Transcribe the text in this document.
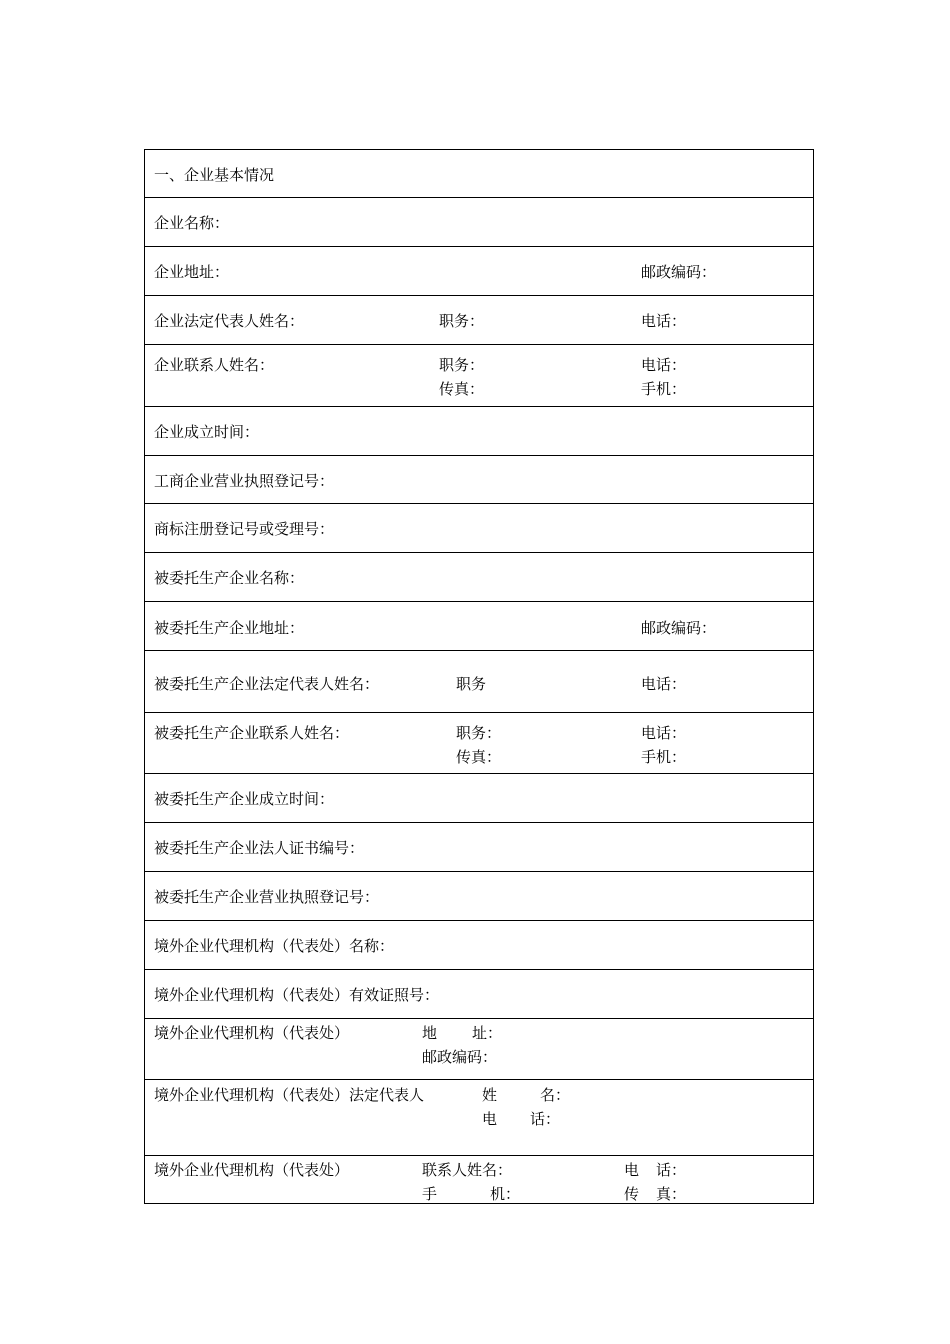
一、企业基本情况
企业名称：
企业地址：	邮政编码：
企业法定代表人姓名：	职务：	电话：
企业联系人姓名：	职务：	电话：
传真：	手机：
企业成立时间：
工商企业营业执照登记号：
商标注册登记号或受理号：
被委托生产企业名称：
被委托生产企业地址：	邮政编码：
被委托生产企业法定代表人姓名：	职务	电话：
被委托生产企业联系人姓名：	职务：	电话：
传真：	手机：
被委托生产企业成立时间：
被委托生产企业法人证书编号：
被委托生产企业营业执照登记号：
境外企业代理机构（代表处）名称：
境外企业代理机构（代表处）有效证照号：
境外企业代理机构（代表处）	地 址：
邮政编码：
境外企业代理机构（代表处）法定代表人	姓	名：
电 话：
境外企业代理机构（代表处）	联系人姓名：	电 话：
手	机：	传 真：
